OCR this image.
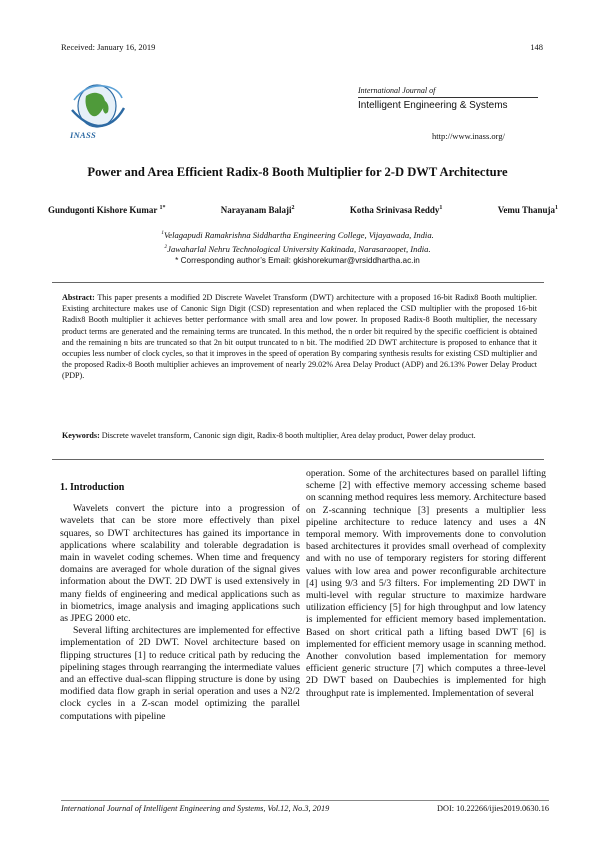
Received: January 16, 2019	148
INASS
International Journal of
Intelligent Engineering & Systems
http://www.inass.org/
Power and Area Efficient Radix-8 Booth Multiplier for 2-D DWT Architecture
Gundugonti Kishore Kumar $^{1*}$	Narayanam Balaji$^2$	Kotha Srinivasa Reddy$^1$	Vemu Thanuja$^1$
$^1$Velagapudi Ramakrishna Siddhartha Engineering College, Vijayawada, India.
$^2$Jawaharlal Nehru Technological University Kakinada, Narasaraopet, India.
* Corresponding author’s Email: gkishorekumar@vrsiddhartha.ac.in
Abstract: This paper presents a modified 2D Discrete Wavelet Transform (DWT) architecture with a proposed 16-bit Radix8 Booth multiplier. Existing architecture makes use of Canonic Sign Digit (CSD) representation and when replaced the CSD multiplier with the proposed 16-bit Radix8 Booth multiplier it achieves better performance with small area and low power. In proposed Radix-8 Booth multiplier, the necessary product terms are generated and the remaining terms are truncated. In this method, the n order bit required by the specific coefficient is obtained and the remaining n bits are truncated so that 2n bit output truncated to n bit. The modified 2D DWT architecture is proposed to enhance that it occupies less number of clock cycles, so that it improves in the speed of operation By comparing synthesis results for existing CSD multiplier and the proposed Radix-8 Booth multiplier achieves an improvement of nearly 29.02% Area Delay Product (ADP) and 26.13% Power Delay Product (PDP).
Keywords: Discrete wavelet transform, Canonic sign digit, Radix-8 booth multiplier, Area delay product, Power delay product.

1. Introduction

Wavelets convert the picture into a progression of wavelets that can be store more effectively than pixel squares, so DWT architectures has gained its importance in applications where scalability and tolerable degradation is main in wavelet coding schemes. When time and frequency domains are averaged for whole duration of the signal gives information about the DWT. 2D DWT is used extensively in many fields of engineering and medical applications such as in biometrics, image analysis and imaging applications such as JPEG 2000 etc.

Several lifting architectures are implemented for effective implementation of 2D DWT. Novel architecture based on flipping structures [1] to reduce critical path by reducing the pipelining stages through rearranging the intermediate values and an effective dual-scan flipping structure is done by using modified data flow graph in serial operation and uses a N2/2 clock cycles in a Z-scan model optimizing the parallel computations with pipeline

operation. Some of the architectures based on parallel lifting scheme [2] with effective memory accessing scheme based on scanning method requires less memory. Architecture based on Z-scanning technique [3] presents a multiplier less pipeline architecture to reduce latency and uses a 4N temporal memory. With improvements done to convolution based architectures it provides small overhead of complexity and with no use of temporary registers for storing different values with low area and power reconfigurable architecture [4] using 9/3 and 5/3 filters. For implementing 2D DWT in multi-level with regular structure to maximize hardware utilization efficiency [5] for high throughput and low latency is implemented for efficient memory based implementation. Based on short critical path a lifting based DWT [6] is implemented for efficient memory usage in scanning method. Another convolution based implementation for memory efficient generic structure [7] which computes a three-level 2D DWT based on Daubechies is implemented for high throughput rate is implemented. Implementation of several

International Journal of Intelligent Engineering and Systems, Vol.12, No.3, 2019	DOI: 10.22266/ijies2019.0630.16
